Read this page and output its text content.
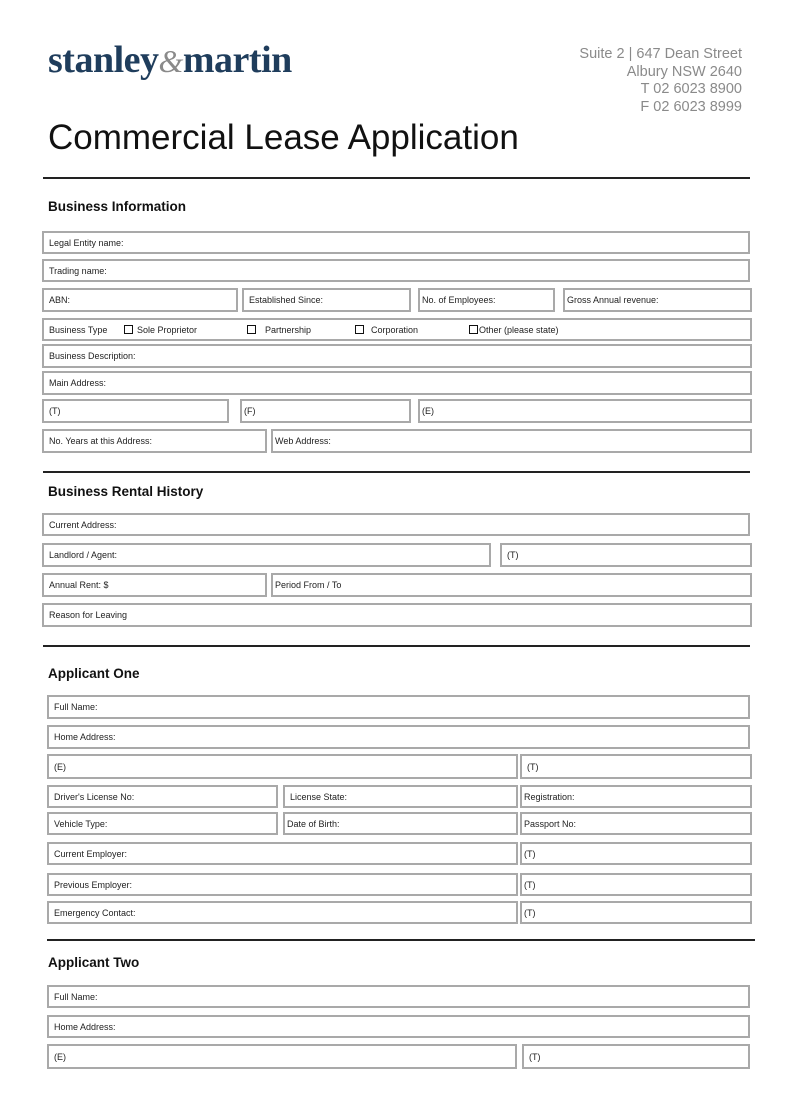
stanley&martin	Suite 2 | 647 Dean Street
Albury NSW 2640
T 02 6023 8900
F 02 6023 8999
Commercial Lease Application
Business Information
Legal Entity name:
Trading name:
ABN:	Established Since:	No. of Employees:	Gross Annual revenue:
Business Type	Sole Proprietor	Partnership	Corporation	Other (please state)
Business Description:
Main Address:
(T)	(F)	(E)
No. Years at this Address:	Web Address:
Business Rental History
Current Address:
Landlord / Agent:	(T)
Annual Rent: $	Period From / To
Reason for Leaving
Applicant One
Full Name:
Home Address:
(E)	(T)
Driver's License No:	License State:	Registration:
Vehicle Type:	Date of Birth:	Passport No:
Current Employer:	(T)
Previous Employer:	(T)
Emergency Contact:	(T)
Applicant Two
Full Name:
Home Address:
(E)	(T)
